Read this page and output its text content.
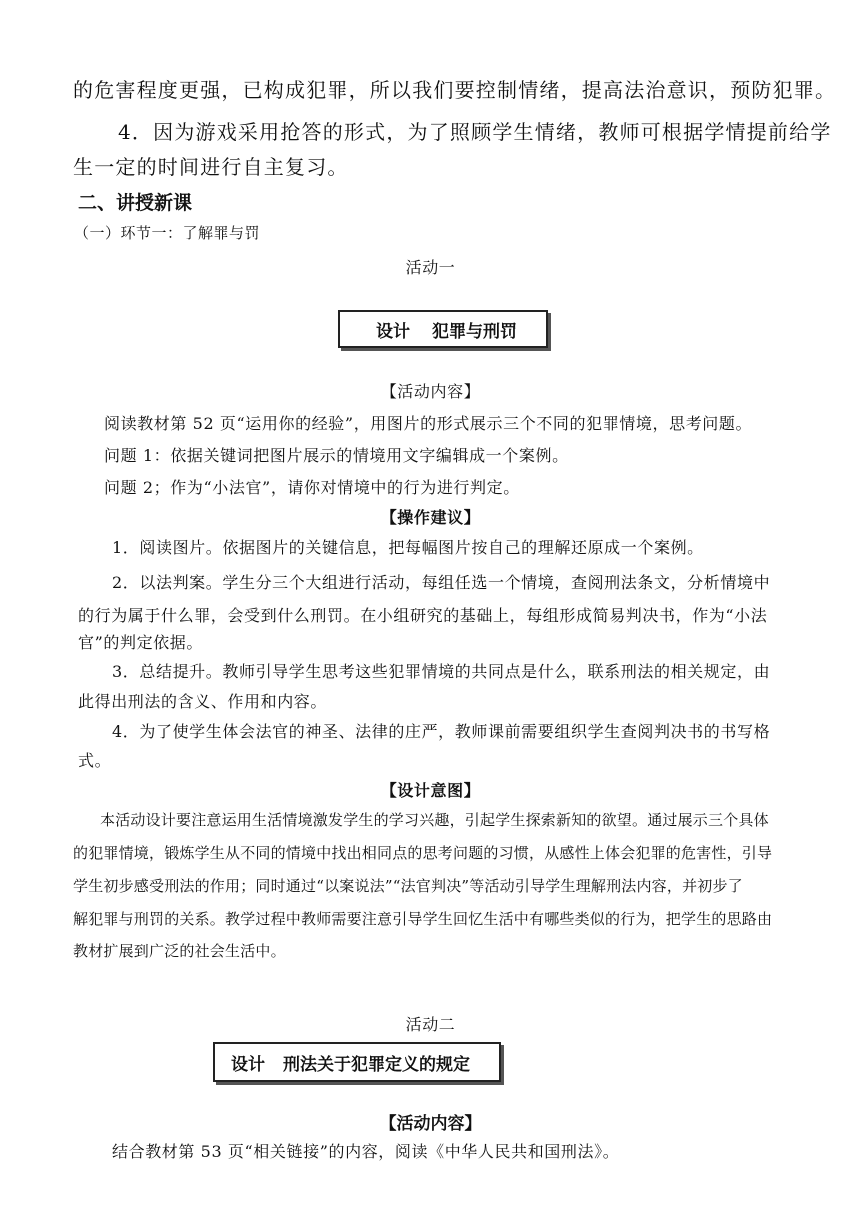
的危害程度更强，已构成犯罪，所以我们要控制情绪，提高法治意识，预防犯罪。
4．因为游戏采用抢答的形式，为了照顾学生情绪，教师可根据学情提前给学
生一定的时间进行自主复习。
二、讲授新课
（一）环节一：了解罪与罚
活动一
设计 犯罪与刑罚
【活动内容】
阅读教材第 52 页“运用你的经验”，用图片的形式展示三个不同的犯罪情境，思考问题。
问题 1：依据关键词把图片展示的情境用文字编辑成一个案例。
问题 2；作为“小法官”，请你对情境中的行为进行判定。
【操作建议】
1．阅读图片。依据图片的关键信息，把每幅图片按自己的理解还原成一个案例。
2．以法判案。学生分三个大组进行活动，每组任选一个情境，查阅刑法条文，分析情境中
的行为属于什么罪，会受到什么刑罚。在小组研究的基础上，每组形成简易判决书，作为“小法
官”的判定依据。
3．总结提升。教师引导学生思考这些犯罪情境的共同点是什么，联系刑法的相关规定，由
此得出刑法的含义、作用和内容。
4．为了使学生体会法官的神圣、法律的庄严，教师课前需要组织学生查阅判决书的书写格
式。
【设计意图】
本活动设计要注意运用生活情境激发学生的学习兴趣，引起学生探索新知的欲望。通过展示三个具体
的犯罪情境，锻炼学生从不同的情境中找出相同点的思考问题的习惯，从感性上体会犯罪的危害性，引导
学生初步感受刑法的作用；同时通过“以案说法”“法官判决”等活动引导学生理解刑法内容，并初步了
解犯罪与刑罚的关系。教学过程中教师需要注意引导学生回忆生活中有哪些类似的行为，把学生的思路由
教材扩展到广泛的社会生活中。
活动二
设计 刑法关于犯罪定义的规定
【活动内容】
结合教材第 53 页“相关链接”的内容，阅读《中华人民共和国刑法》。
